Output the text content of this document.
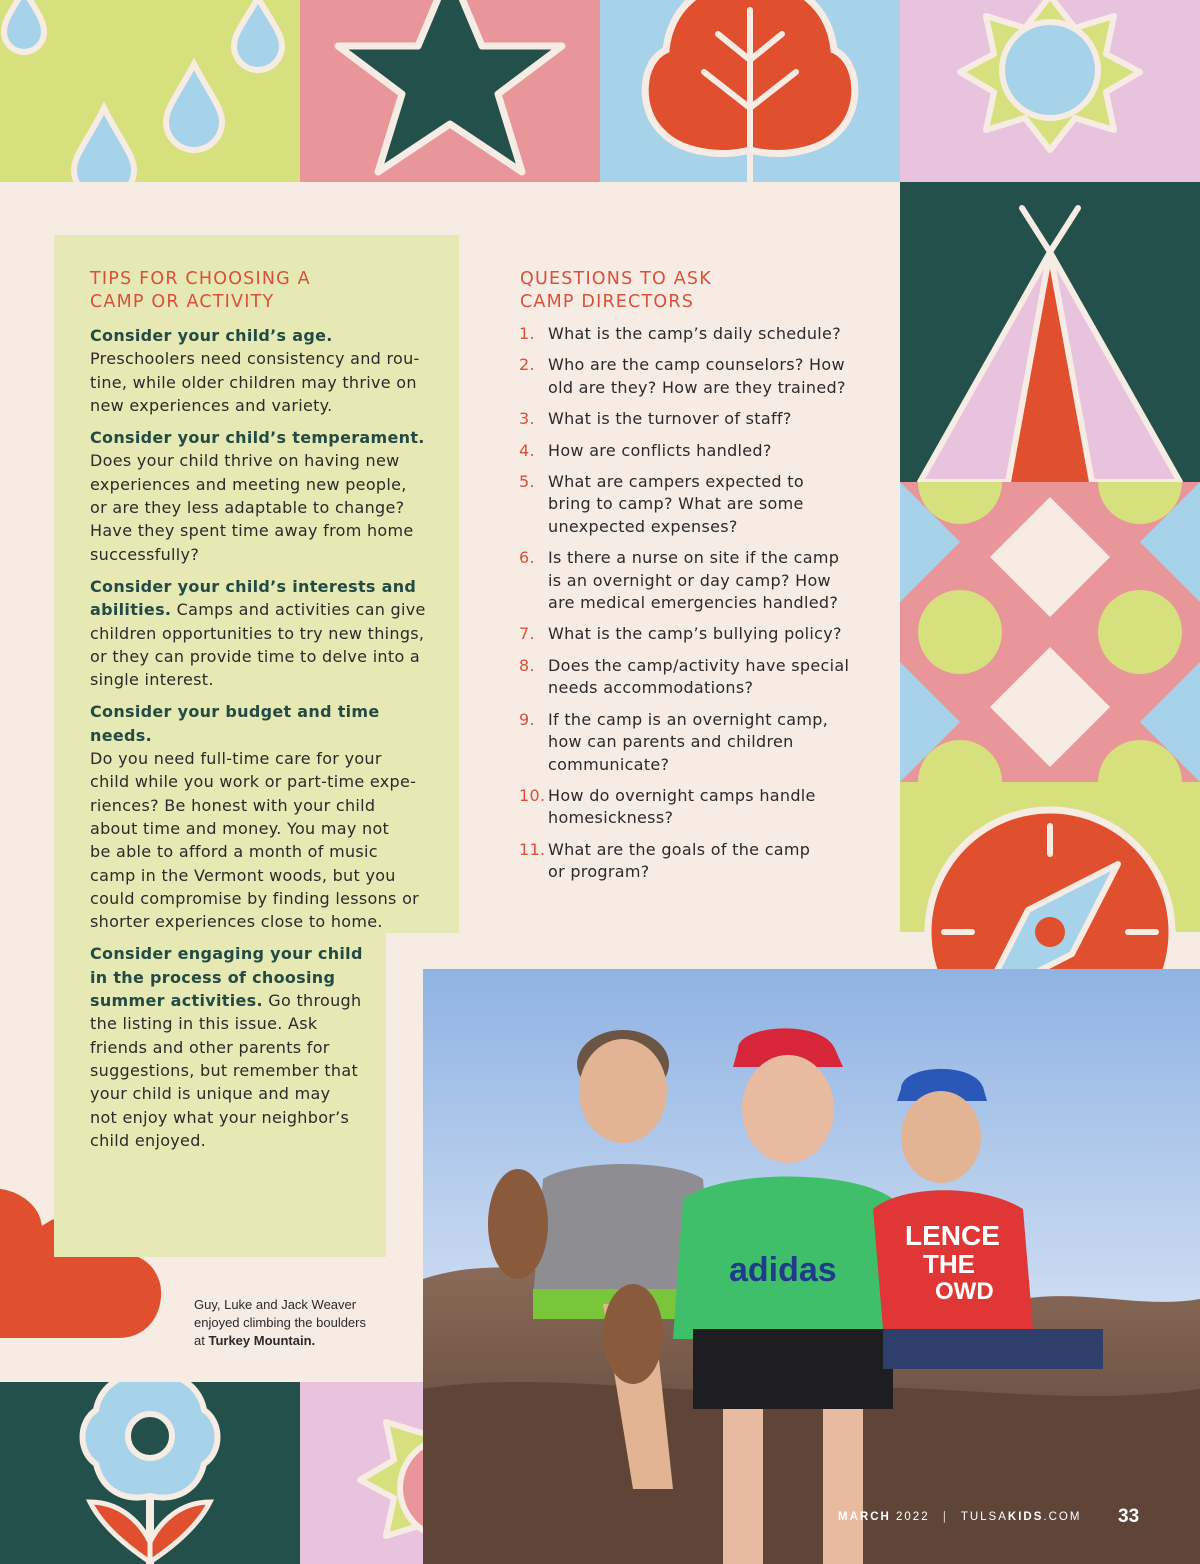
adidas
LENCE
THE
OWD
TIPS FOR CHOOSING A
CAMP OR ACTIVITY
Consider your child’s age.
Preschoolers need consistency and rou-
tine, while older children may thrive on
new experiences and variety.
Consider your child’s temperament.
Does your child thrive on having new
experiences and meeting new people,
or are they less adaptable to change?
Have they spent time away from home
successfully?
Consider your child’s interests and
abilities. Camps and activities can give
children opportunities to try new things,
or they can provide time to delve into a
single interest.
Consider your budget and time needs.
Do you need full-time care for your
child while you work or part-time expe-
riences? Be honest with your child
about time and money. You may not
be able to afford a month of music
camp in the Vermont woods, but you
could compromise by finding lessons or
shorter experiences close to home.
Consider engaging your child
in the process of choosing
summer activities. Go through
the listing in this issue. Ask
friends and other parents for
suggestions, but remember that
your child is unique and may
not enjoy what your neighbor’s
child enjoyed.
QUESTIONS TO ASK
CAMP DIRECTORS
1. What is the camp’s daily schedule?
2. Who are the camp counselors? How
old are they? How are they trained?
3. What is the turnover of staff?
4. How are conflicts handled?
5. What are campers expected to
bring to camp? What are some
unexpected expenses?
6. Is there a nurse on site if the camp
is an overnight or day camp? How
are medical emergencies handled?
7. What is the camp’s bullying policy?
8. Does the camp/activity have special
needs accommodations?
9. If the camp is an overnight camp,
how can parents and children
communicate?
10. How do overnight camps handle
homesickness?
11. What are the goals of the camp
or program?
Guy, Luke and Jack Weaver
enjoyed climbing the boulders
at Turkey Mountain.
MARCH 2022 | TULSAKIDS.COM 33
